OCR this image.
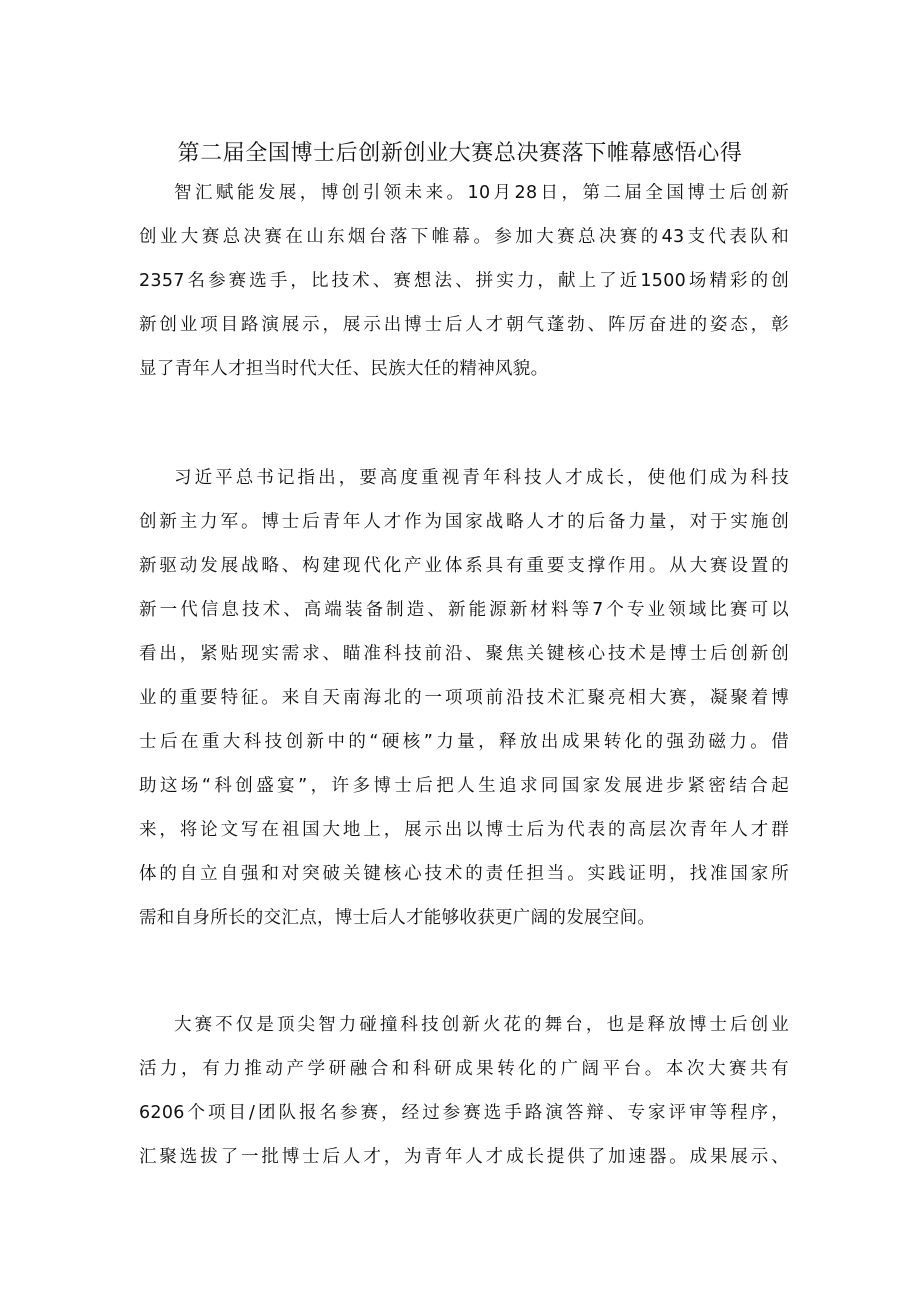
第二届全国博士后创新创业大赛总决赛落下帷幕感悟心得
智汇赋能发展，博创引领未来。10月28日，第二届全国博士后创新
创业大赛总决赛在山东烟台落下帷幕。参加大赛总决赛的43支代表队和
2357名参赛选手，比技术、赛想法、拼实力，献上了近1500场精彩的创
新创业项目路演展示，展示出博士后人才朝气蓬勃、阵厉奋进的姿态，彰
显了青年人才担当时代大任、民族大任的精神风貌。
习近平总书记指出，要高度重视青年科技人才成长，使他们成为科技
创新主力军。博士后青年人才作为国家战略人才的后备力量，对于实施创
新驱动发展战略、构建现代化产业体系具有重要支撑作用。从大赛设置的
新一代信息技术、高端装备制造、新能源新材料等7个专业领域比赛可以
看出，紧贴现实需求、瞄准科技前沿、聚焦关键核心技术是博士后创新创
业的重要特征。来自天南海北的一项项前沿技术汇聚亮相大赛，凝聚着博
士后在重大科技创新中的“硬核”力量，释放出成果转化的强劲磁力。借
助这场“科创盛宴”，许多博士后把人生追求同国家发展进步紧密结合起
来，将论文写在祖国大地上，展示出以博士后为代表的高层次青年人才群
体的自立自强和对突破关键核心技术的责任担当。实践证明，找准国家所
需和自身所长的交汇点，博士后人才能够收获更广阔的发展空间。
大赛不仅是顶尖智力碰撞科技创新火花的舞台，也是释放博士后创业
活力，有力推动产学研融合和科研成果转化的广阔平台。本次大赛共有
6206个项目/团队报名参赛，经过参赛选手路演答辩、专家评审等程序，
汇聚选拔了一批博士后人才，为青年人才成长提供了加速器。成果展示、
